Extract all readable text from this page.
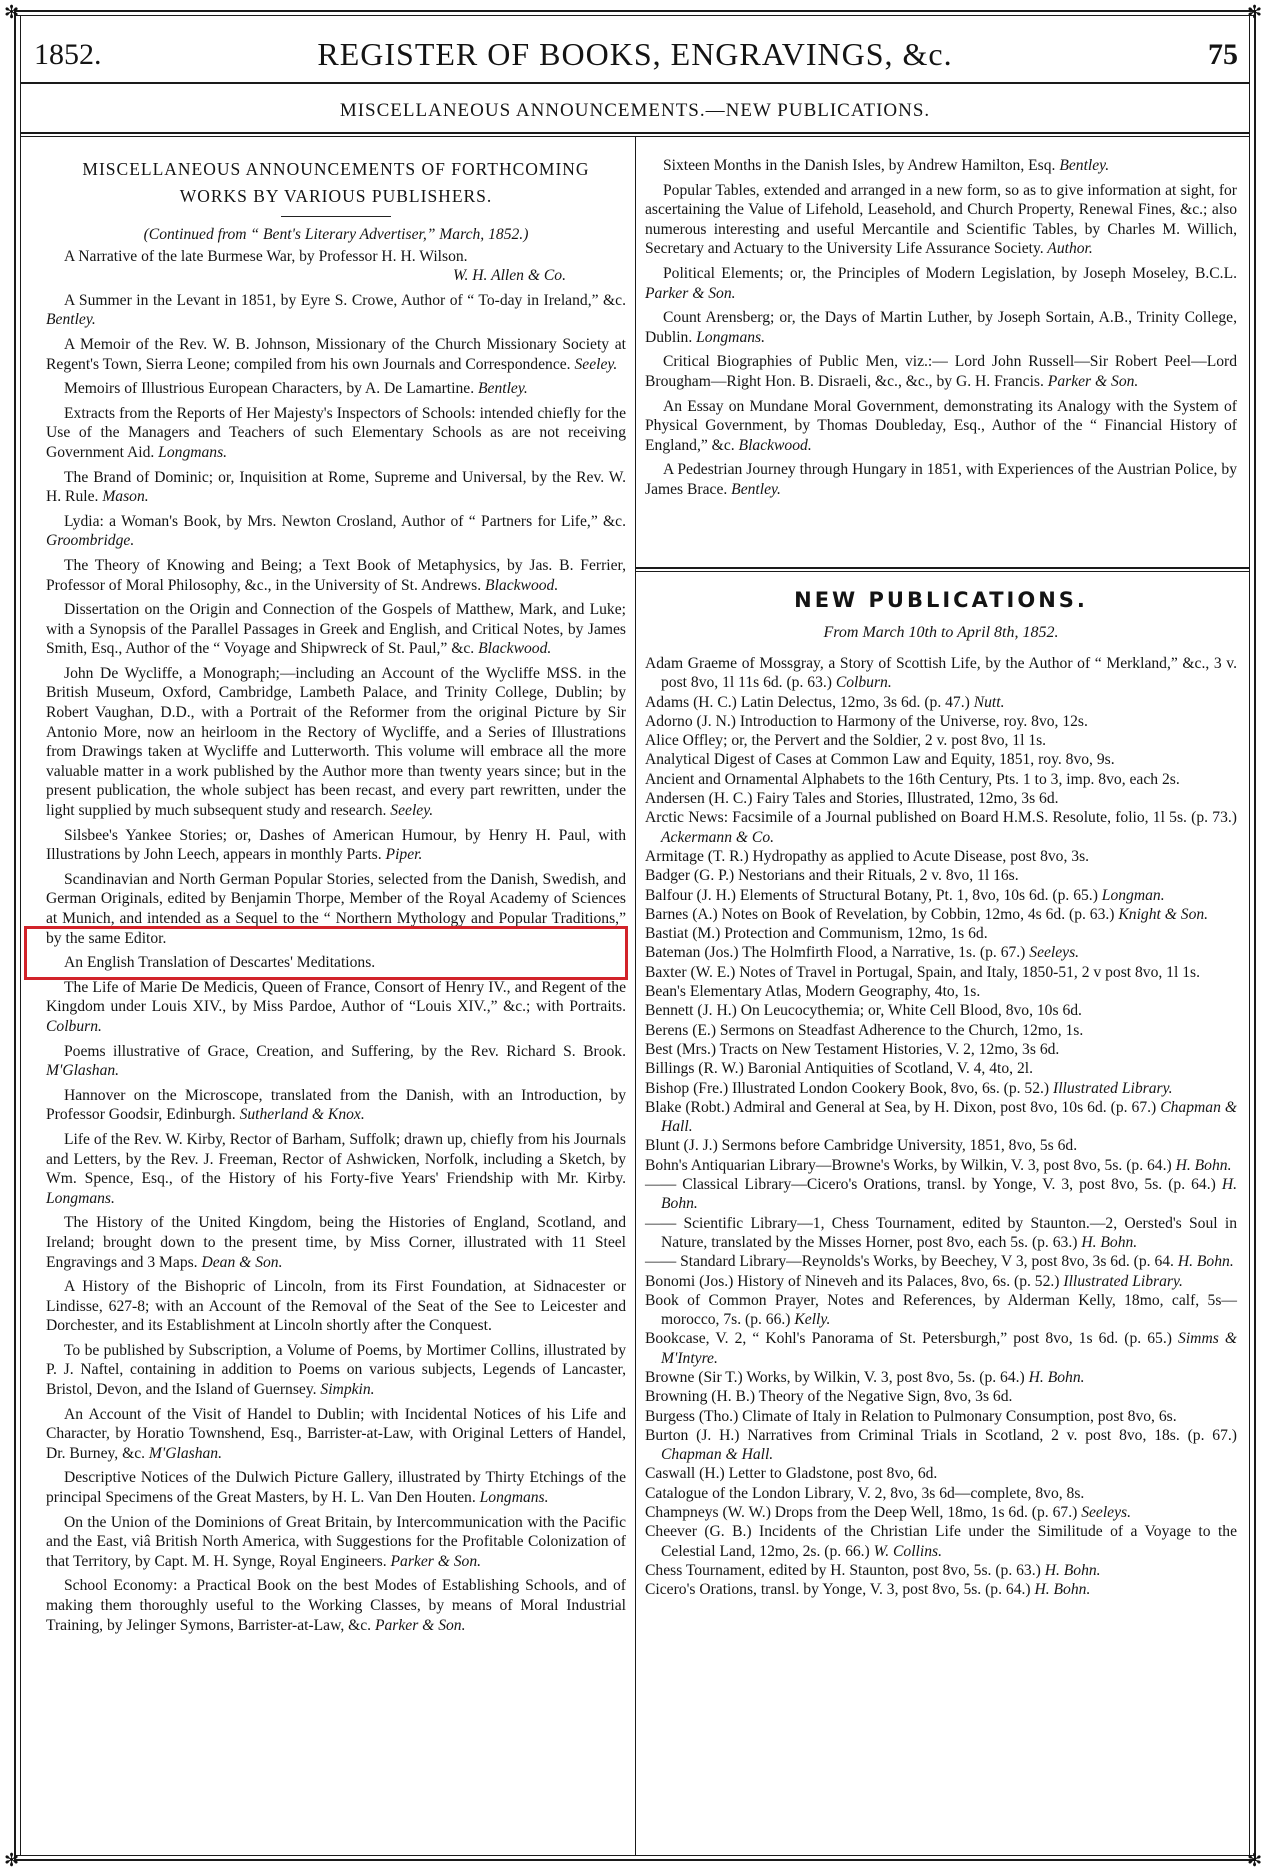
✻	✻
✻	✻
1852.	REGISTER OF BOOKS, ENGRAVINGS, &c.	75
MISCELLANEOUS ANNOUNCEMENTS.—NEW PUBLICATIONS.
MISCELLANEOUS ANNOUNCEMENTS OF FORTHCOMING
WORKS BY VARIOUS PUBLISHERS.
(Continued from “ Bent's Literary Advertiser,” March, 1852.)

A Narrative of the late Burmese War, by Professor H. H. Wilson.
W. H. Allen & Co.

A Summer in the Levant in 1851, by Eyre S. Crowe, Author of “ To-day in Ireland,” &c. Bentley.

A Memoir of the Rev. W. B. Johnson, Missionary of the Church Missionary Society at Regent's Town, Sierra Leone; compiled from his own Journals and Correspondence. Seeley.

Memoirs of Illustrious European Characters, by A. De Lamartine. Bentley.

Extracts from the Reports of Her Majesty's Inspectors of Schools: intended chiefly for the Use of the Managers and Teachers of such Elementary Schools as are not receiving Government Aid. Longmans.

The Brand of Dominic; or, Inquisition at Rome, Supreme and Universal, by the Rev. W. H. Rule. Mason.

Lydia: a Woman's Book, by Mrs. Newton Crosland, Author of “ Partners for Life,” &c. Groombridge.

The Theory of Knowing and Being; a Text Book of Metaphysics, by Jas. B. Ferrier, Professor of Moral Philosophy, &c., in the University of St. Andrews. Blackwood.

Dissertation on the Origin and Connection of the Gospels of Matthew, Mark, and Luke; with a Synopsis of the Parallel Passages in Greek and English, and Critical Notes, by James Smith, Esq., Author of the “ Voyage and Shipwreck of St. Paul,” &c. Blackwood.

John De Wycliffe, a Monograph;—including an Account of the Wycliffe MSS. in the British Museum, Oxford, Cambridge, Lambeth Palace, and Trinity College, Dublin; by Robert Vaughan, D.D., with a Portrait of the Reformer from the original Picture by Sir Antonio More, now an heirloom in the Rectory of Wycliffe, and a Series of Illustrations from Drawings taken at Wycliffe and Lutterworth. This volume will embrace all the more valuable matter in a work published by the Author more than twenty years since; but in the present publication, the whole subject has been recast, and every part rewritten, under the light supplied by much subsequent study and research. Seeley.

Silsbee's Yankee Stories; or, Dashes of American Humour, by Henry H. Paul, with Illustrations by John Leech, appears in monthly Parts. Piper.

Scandinavian and North German Popular Stories, selected from the Danish, Swedish, and German Originals, edited by Benjamin Thorpe, Member of the Royal Academy of Sciences at Munich, and intended as a Sequel to the “ Northern Mythology and Popular Traditions,” by the same Editor.

An English Translation of Descartes' Meditations.

The Life of Marie De Medicis, Queen of France, Consort of Henry IV., and Regent of the Kingdom under Louis XIV., by Miss Pardoe, Author of “Louis XIV.,” &c.; with Portraits. Colburn.

Poems illustrative of Grace, Creation, and Suffering, by the Rev. Richard S. Brook. M'Glashan.

Hannover on the Microscope, translated from the Danish, with an Introduction, by Professor Goodsir, Edinburgh. Sutherland & Knox.

Life of the Rev. W. Kirby, Rector of Barham, Suffolk; drawn up, chiefly from his Journals and Letters, by the Rev. J. Freeman, Rector of Ashwicken, Norfolk, including a Sketch, by Wm. Spence, Esq., of the History of his Forty-five Years' Friendship with Mr. Kirby. Longmans.

The History of the United Kingdom, being the Histories of England, Scotland, and Ireland; brought down to the present time, by Miss Corner, illustrated with 11 Steel Engravings and 3 Maps. Dean & Son.

A History of the Bishopric of Lincoln, from its First Foundation, at Sidnacester or Lindisse, 627-8; with an Account of the Removal of the Seat of the See to Leicester and Dorchester, and its Establishment at Lincoln shortly after the Conquest.

To be published by Subscription, a Volume of Poems, by Mortimer Collins, illustrated by P. J. Naftel, containing in addition to Poems on various subjects, Legends of Lancaster, Bristol, Devon, and the Island of Guernsey. Simpkin.

An Account of the Visit of Handel to Dublin; with Incidental Notices of his Life and Character, by Horatio Townshend, Esq., Barrister-at-Law, with Original Letters of Handel, Dr. Burney, &c. M'Glashan.

Descriptive Notices of the Dulwich Picture Gallery, illustrated by Thirty Etchings of the principal Specimens of the Great Masters, by H. L. Van Den Houten. Longmans.

On the Union of the Dominions of Great Britain, by Intercommunication with the Pacific and the East, viâ British North America, with Suggestions for the Profitable Colonization of that Territory, by Capt. M. H. Synge, Royal Engineers. Parker & Son.

School Economy: a Practical Book on the best Modes of Establishing Schools, and of making them thoroughly useful to the Working Classes, by means of Moral Industrial Training, by Jelinger Symons, Barrister-at-Law, &c. Parker & Son.

Sixteen Months in the Danish Isles, by Andrew Hamilton, Esq. Bentley.

Popular Tables, extended and arranged in a new form, so as to give information at sight, for ascertaining the Value of Lifehold, Leasehold, and Church Property, Renewal Fines, &c.; also numerous interesting and useful Mercantile and Scientific Tables, by Charles M. Willich, Secretary and Actuary to the University Life Assurance Society. Author.

Political Elements; or, the Principles of Modern Legislation, by Joseph Moseley, B.C.L. Parker & Son.

Count Arensberg; or, the Days of Martin Luther, by Joseph Sortain, A.B., Trinity College, Dublin. Longmans.

Critical Biographies of Public Men, viz.:— Lord John Russell—Sir Robert Peel—Lord Brougham—Right Hon. B. Disraeli, &c., &c., by G. H. Francis. Parker & Son.

An Essay on Mundane Moral Government, demonstrating its Analogy with the System of Physical Government, by Thomas Doubleday, Esq., Author of the “ Financial History of England,” &c. Blackwood.

A Pedestrian Journey through Hungary in 1851, with Experiences of the Austrian Police, by James Brace. Bentley.

NEW PUBLICATIONS.
From March 10th to April 8th, 1852.

Adam Graeme of Mossgray, a Story of Scottish Life, by the Author of “ Merkland,” &c., 3 v. post 8vo, 1l 11s 6d. (p. 63.) Colburn.

Adams (H. C.) Latin Delectus, 12mo, 3s 6d. (p. 47.) Nutt.

Adorno (J. N.) Introduction to Harmony of the Universe, roy. 8vo, 12s.

Alice Offley; or, the Pervert and the Soldier, 2 v. post 8vo, 1l 1s.

Analytical Digest of Cases at Common Law and Equity, 1851, roy. 8vo, 9s.

Ancient and Ornamental Alphabets to the 16th Century, Pts. 1 to 3, imp. 8vo, each 2s.

Andersen (H. C.) Fairy Tales and Stories, Illustrated, 12mo, 3s 6d.

Arctic News: Facsimile of a Journal published on Board H.M.S. Resolute, folio, 1l 5s. (p. 73.) Ackermann & Co.

Armitage (T. R.) Hydropathy as applied to Acute Disease, post 8vo, 3s.

Badger (G. P.) Nestorians and their Rituals, 2 v. 8vo, 1l 16s.

Balfour (J. H.) Elements of Structural Botany, Pt. 1, 8vo, 10s 6d. (p. 65.) Longman.

Barnes (A.) Notes on Book of Revelation, by Cobbin, 12mo, 4s 6d. (p. 63.) Knight & Son.

Bastiat (M.) Protection and Communism, 12mo, 1s 6d.

Bateman (Jos.) The Holmfirth Flood, a Narrative, 1s. (p. 67.) Seeleys.

Baxter (W. E.) Notes of Travel in Portugal, Spain, and Italy, 1850-51, 2 v post 8vo, 1l 1s.

Bean's Elementary Atlas, Modern Geography, 4to, 1s.

Bennett (J. H.) On Leucocythemia; or, White Cell Blood, 8vo, 10s 6d.

Berens (E.) Sermons on Steadfast Adherence to the Church, 12mo, 1s.

Best (Mrs.) Tracts on New Testament Histories, V. 2, 12mo, 3s 6d.

Billings (R. W.) Baronial Antiquities of Scotland, V. 4, 4to, 2l.

Bishop (Fre.) Illustrated London Cookery Book, 8vo, 6s. (p. 52.) Illustrated Library.

Blake (Robt.) Admiral and General at Sea, by H. Dixon, post 8vo, 10s 6d. (p. 67.) Chapman & Hall.

Blunt (J. J.) Sermons before Cambridge University, 1851, 8vo, 5s 6d.

Bohn's Antiquarian Library—Browne's Works, by Wilkin, V. 3, post 8vo, 5s. (p. 64.) H. Bohn.

—— Classical Library—Cicero's Orations, transl. by Yonge, V. 3, post 8vo, 5s. (p. 64.) H. Bohn.

—— Scientific Library—1, Chess Tournament, edited by Staunton.—2, Oersted's Soul in Nature, translated by the Misses Horner, post 8vo, each 5s. (p. 63.) H. Bohn.

—— Standard Library—Reynolds's Works, by Beechey, V 3, post 8vo, 3s 6d. (p. 64. H. Bohn.

Bonomi (Jos.) History of Nineveh and its Palaces, 8vo, 6s. (p. 52.) Illustrated Library.

Book of Common Prayer, Notes and References, by Alderman Kelly, 18mo, calf, 5s—morocco, 7s. (p. 66.) Kelly.

Bookcase, V. 2, “ Kohl's Panorama of St. Petersburgh,” post 8vo, 1s 6d. (p. 65.) Simms & M'Intyre.

Browne (Sir T.) Works, by Wilkin, V. 3, post 8vo, 5s. (p. 64.) H. Bohn.

Browning (H. B.) Theory of the Negative Sign, 8vo, 3s 6d.

Burgess (Tho.) Climate of Italy in Relation to Pulmonary Consumption, post 8vo, 6s.

Burton (J. H.) Narratives from Criminal Trials in Scotland, 2 v. post 8vo, 18s. (p. 67.) Chapman & Hall.

Caswall (H.) Letter to Gladstone, post 8vo, 6d.

Catalogue of the London Library, V. 2, 8vo, 3s 6d—complete, 8vo, 8s.

Champneys (W. W.) Drops from the Deep Well, 18mo, 1s 6d. (p. 67.) Seeleys.

Cheever (G. B.) Incidents of the Christian Life under the Similitude of a Voyage to the Celestial Land, 12mo, 2s. (p. 66.) W. Collins.

Chess Tournament, edited by H. Staunton, post 8vo, 5s. (p. 63.) H. Bohn.

Cicero's Orations, transl. by Yonge, V. 3, post 8vo, 5s. (p. 64.) H. Bohn.
